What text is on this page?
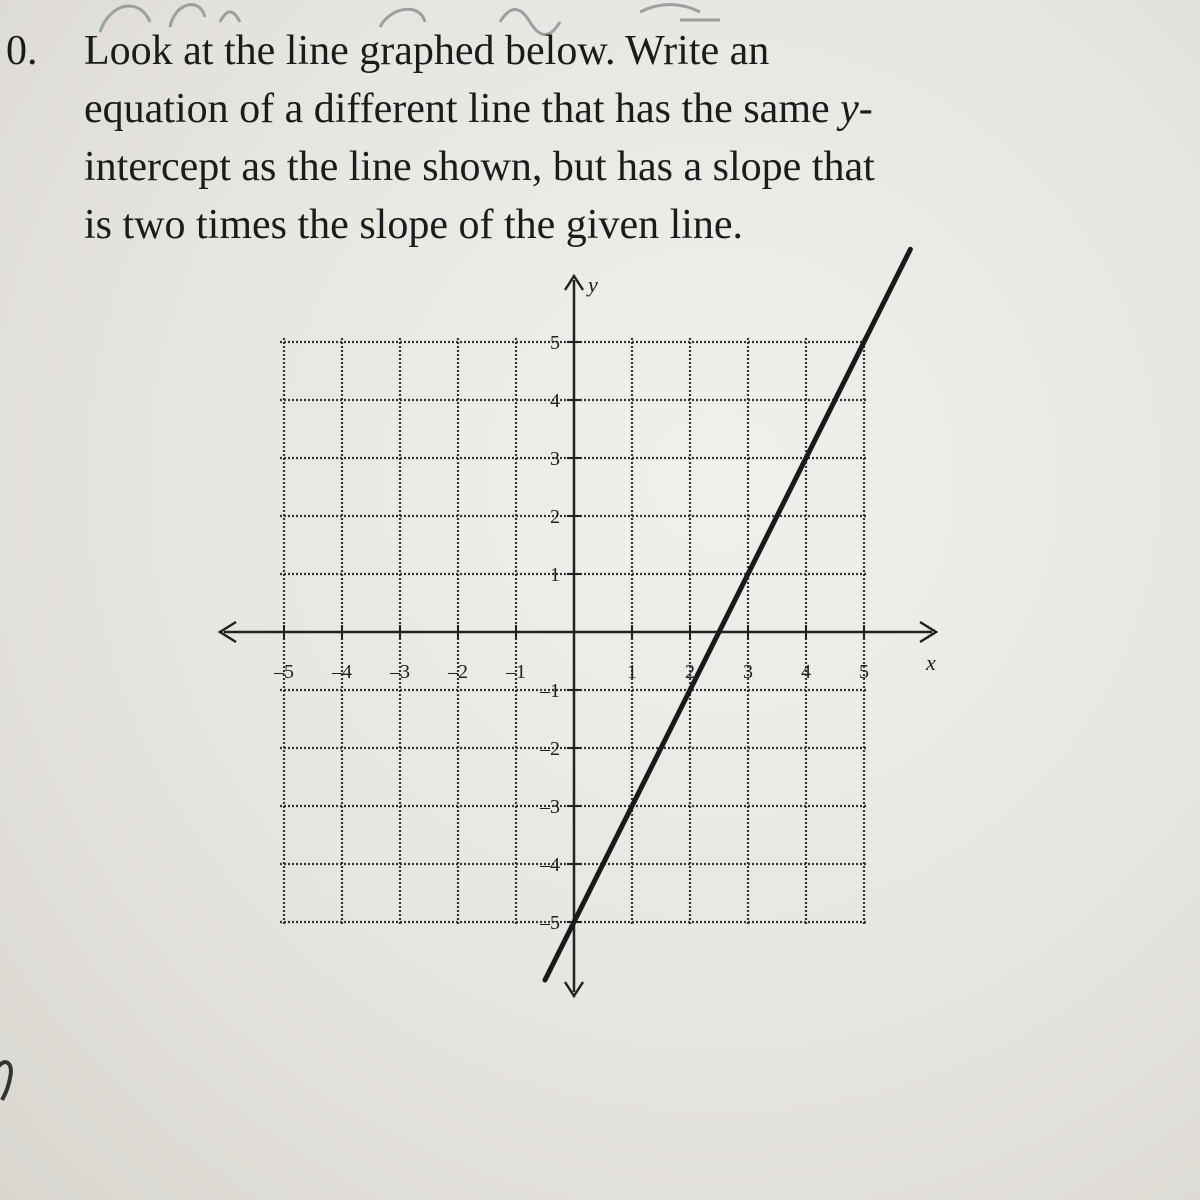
0. Look at the line graphed below. Write an
equation of a different line that has the same y-
intercept as the line shown, but has a slope that
is two times the slope of the given line.
x
y
–5 –4 –3 –2 –1	1 2 3 4 5
5
4
3
2
1
–1
–2
–3
–4
–5
